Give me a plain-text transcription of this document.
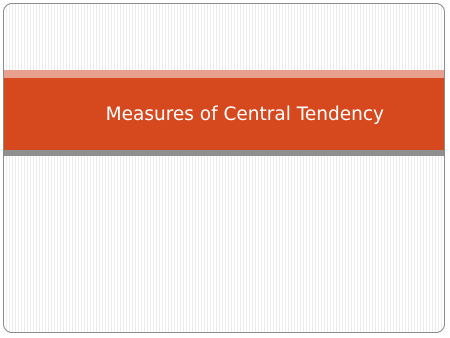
Measures of Central Tendency
